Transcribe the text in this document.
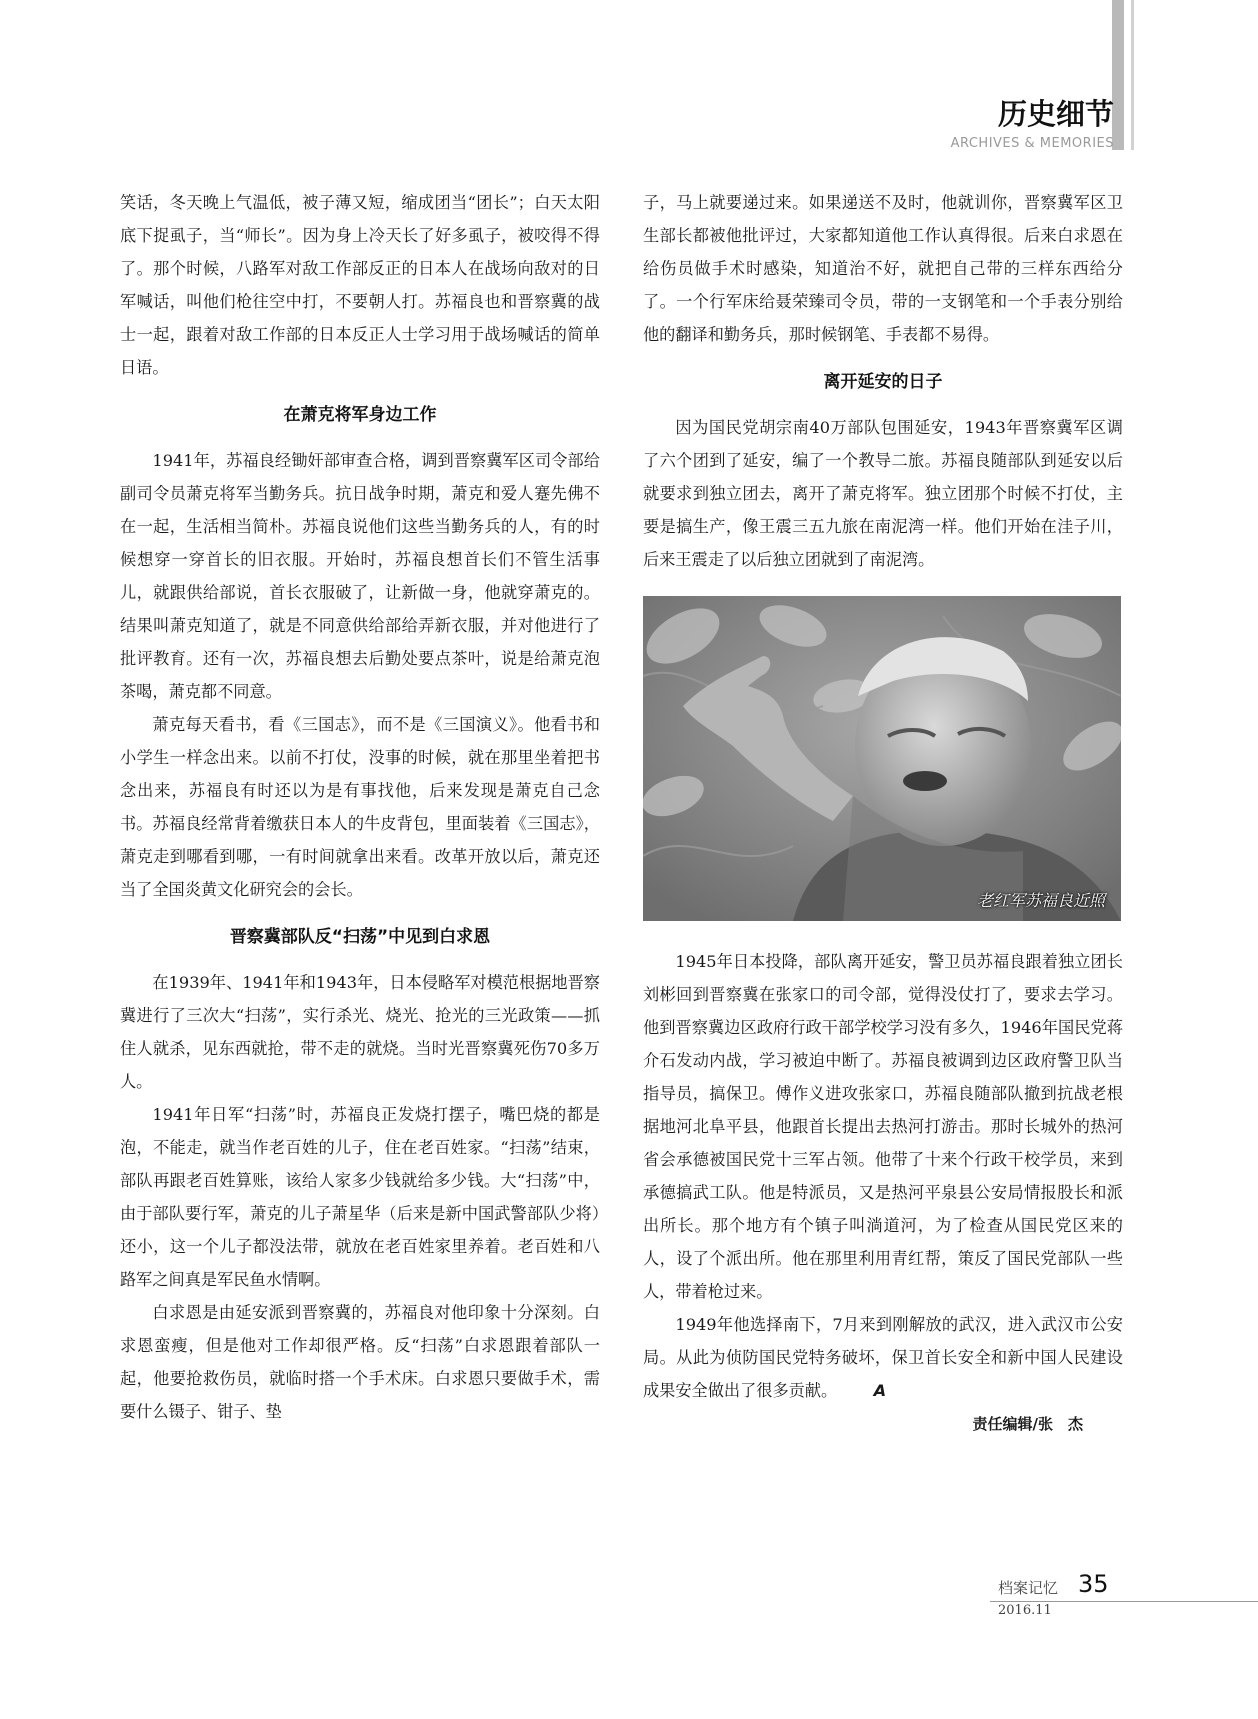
历史细节
ARCHIVES & MEMORIES

笑话，冬天晚上气温低，被子薄又短，缩成团当“团长”；白天太阳底下捉虱子，当“师长”。因为身上冷天长了好多虱子，被咬得不得了。那个时候，八路军对敌工作部反正的日本人在战场向敌对的日军喊话，叫他们枪往空中打，不要朝人打。苏福良也和晋察冀的战士一起，跟着对敌工作部的日本反正人士学习用于战场喊话的简单日语。

在萧克将军身边工作

1941年，苏福良经锄奸部审查合格，调到晋察冀军区司令部给副司令员萧克将军当勤务兵。抗日战争时期，萧克和爱人蹇先佛不在一起，生活相当简朴。苏福良说他们这些当勤务兵的人，有的时候想穿一穿首长的旧衣服。开始时，苏福良想首长们不管生活事儿，就跟供给部说，首长衣服破了，让新做一身，他就穿萧克的。结果叫萧克知道了，就是不同意供给部给弄新衣服，并对他进行了批评教育。还有一次，苏福良想去后勤处要点茶叶，说是给萧克泡茶喝，萧克都不同意。

萧克每天看书，看《三国志》，而不是《三国演义》。他看书和小学生一样念出来。以前不打仗，没事的时候，就在那里坐着把书念出来，苏福良有时还以为是有事找他，后来发现是萧克自己念书。苏福良经常背着缴获日本人的牛皮背包，里面装着《三国志》，萧克走到哪看到哪，一有时间就拿出来看。改革开放以后，萧克还当了全国炎黄文化研究会的会长。

晋察冀部队反“扫荡”中见到白求恩

在1939年、1941年和1943年，日本侵略军对模范根据地晋察冀进行了三次大“扫荡”，实行杀光、烧光、抢光的三光政策——抓住人就杀，见东西就抢，带不走的就烧。当时光晋察冀死伤70多万人。

1941年日军“扫荡”时，苏福良正发烧打摆子，嘴巴烧的都是泡，不能走，就当作老百姓的儿子，住在老百姓家。“扫荡”结束，部队再跟老百姓算账，该给人家多少钱就给多少钱。大“扫荡”中，由于部队要行军，萧克的儿子萧星华（后来是新中国武警部队少将）还小，这一个儿子都没法带，就放在老百姓家里养着。老百姓和八路军之间真是军民鱼水情啊。

白求恩是由延安派到晋察冀的，苏福良对他印象十分深刻。白求恩蛮瘦，但是他对工作却很严格。反“扫荡”白求恩跟着部队一起，他要抢救伤员，就临时搭一个手术床。白求恩只要做手术，需要什么镊子、钳子、垫

子，马上就要递过来。如果递送不及时，他就训你，晋察冀军区卫生部长都被他批评过，大家都知道他工作认真得很。后来白求恩在给伤员做手术时感染，知道治不好，就把自己带的三样东西给分了。一个行军床给聂荣臻司令员，带的一支钢笔和一个手表分别给他的翻译和勤务兵，那时候钢笔、手表都不易得。

离开延安的日子

因为国民党胡宗南40万部队包围延安，1943年晋察冀军区调了六个团到了延安，编了一个教导二旅。苏福良随部队到延安以后就要求到独立团去，离开了萧克将军。独立团那个时候不打仗，主要是搞生产，像王震三五九旅在南泥湾一样。他们开始在洼子川，后来王震走了以后独立团就到了南泥湾。

老红军苏福良近照

1945年日本投降，部队离开延安，警卫员苏福良跟着独立团长刘彬回到晋察冀在张家口的司令部，觉得没仗打了，要求去学习。他到晋察冀边区政府行政干部学校学习没有多久，1946年国民党蒋介石发动内战，学习被迫中断了。苏福良被调到边区政府警卫队当指导员，搞保卫。傅作义进攻张家口，苏福良随部队撤到抗战老根据地河北阜平县，他跟首长提出去热河打游击。那时长城外的热河省会承德被国民党十三军占领。他带了十来个行政干校学员，来到承德搞武工队。他是特派员，又是热河平泉县公安局情报股长和派出所长。那个地方有个镇子叫淌道河，为了检查从国民党区来的人，设了个派出所。他在那里利用青红帮，策反了国民党部队一些人，带着枪过来。

1949年他选择南下，7月来到刚解放的武汉，进入武汉市公安局。从此为侦防国民党特务破坏，保卫首长安全和新中国人民建设成果安全做出了很多贡献。 A

责任编辑/张　杰
档案记忆 35
2016.11
